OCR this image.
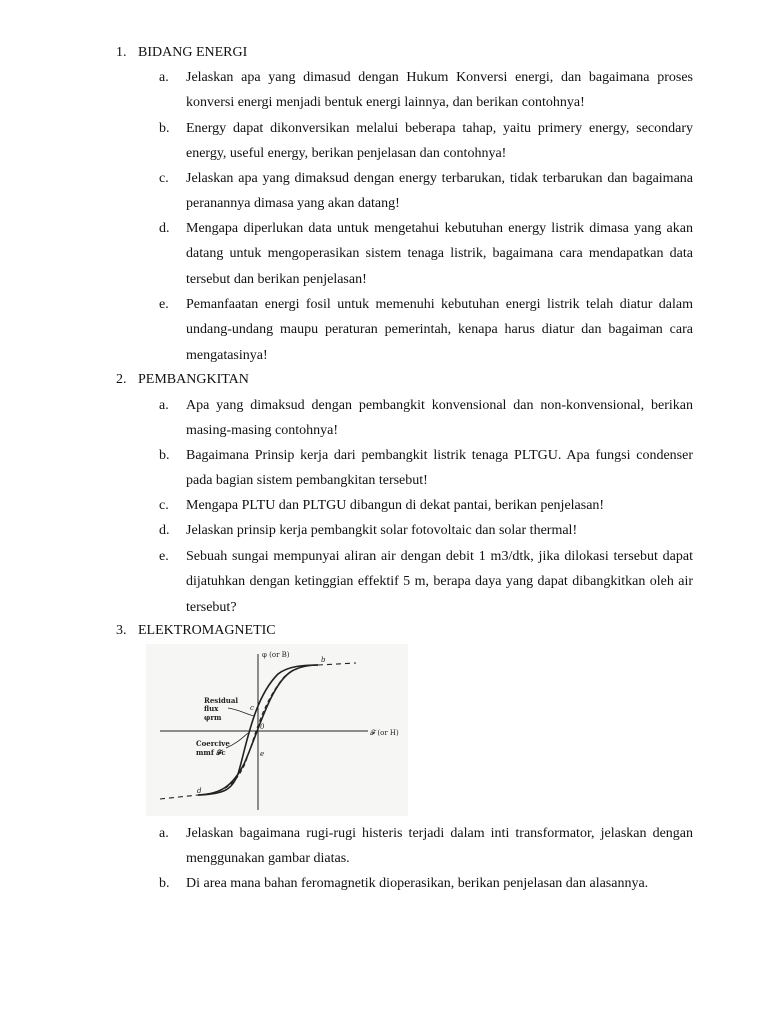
1. BIDANG ENERGI
a.	Jelaskan apa yang dimasud dengan Hukum Konversi energi, dan bagaimana proses konversi energi menjadi bentuk energi lainnya, dan berikan contohnya!
b.	Energy dapat dikonversikan melalui beberapa tahap, yaitu primery energy, secondary energy, useful energy, berikan penjelasan dan contohnya!
c.	Jelaskan apa yang dimaksud dengan energy terbarukan, tidak terbarukan dan bagaimana peranannya dimasa yang akan datang!
d.	Mengapa diperlukan data untuk mengetahui kebutuhan energy listrik dimasa yang akan datang untuk mengoperasikan sistem tenaga listrik, bagaimana cara mendapatkan data tersebut dan berikan penjelasan!
e.	Pemanfaatan energi fosil untuk memenuhi kebutuhan energi listrik telah diatur dalam undang-undang maupu peraturan pemerintah, kenapa harus diatur dan bagaiman cara mengatasinya!
2. PEMBANGKITAN
a.	Apa yang dimaksud dengan pembangkit konvensional dan non-konvensional, berikan masing-masing contohnya!
b.	Bagaimana Prinsip kerja dari pembangkit listrik tenaga PLTGU. Apa fungsi condenser pada bagian sistem pembangkitan tersebut!
c.	Mengapa PLTU dan PLTGU dibangun di dekat pantai, berikan penjelasan!
d.	Jelaskan prinsip kerja pembangkit solar fotovoltaic dan solar thermal!
e.	Sebuah sungai mempunyai aliran air dengan debit 1 m3/dtk, jika dilokasi tersebut dapat dijatuhkan dengan ketinggian effektif 5 m, berapa daya yang dapat dibangkitkan oleh air tersebut?
3. ELEKTROMAGNETIC
φ (or B)
𝓕 (or H)
Residual
flux
φrm
Coercive
mmf 𝓕c
b
c
d
e
0
a.	Jelaskan bagaimana rugi-rugi histeris terjadi dalam inti transformator, jelaskan dengan menggunakan gambar diatas.
b.	Di area mana bahan feromagnetik dioperasikan, berikan penjelasan dan alasannya.
